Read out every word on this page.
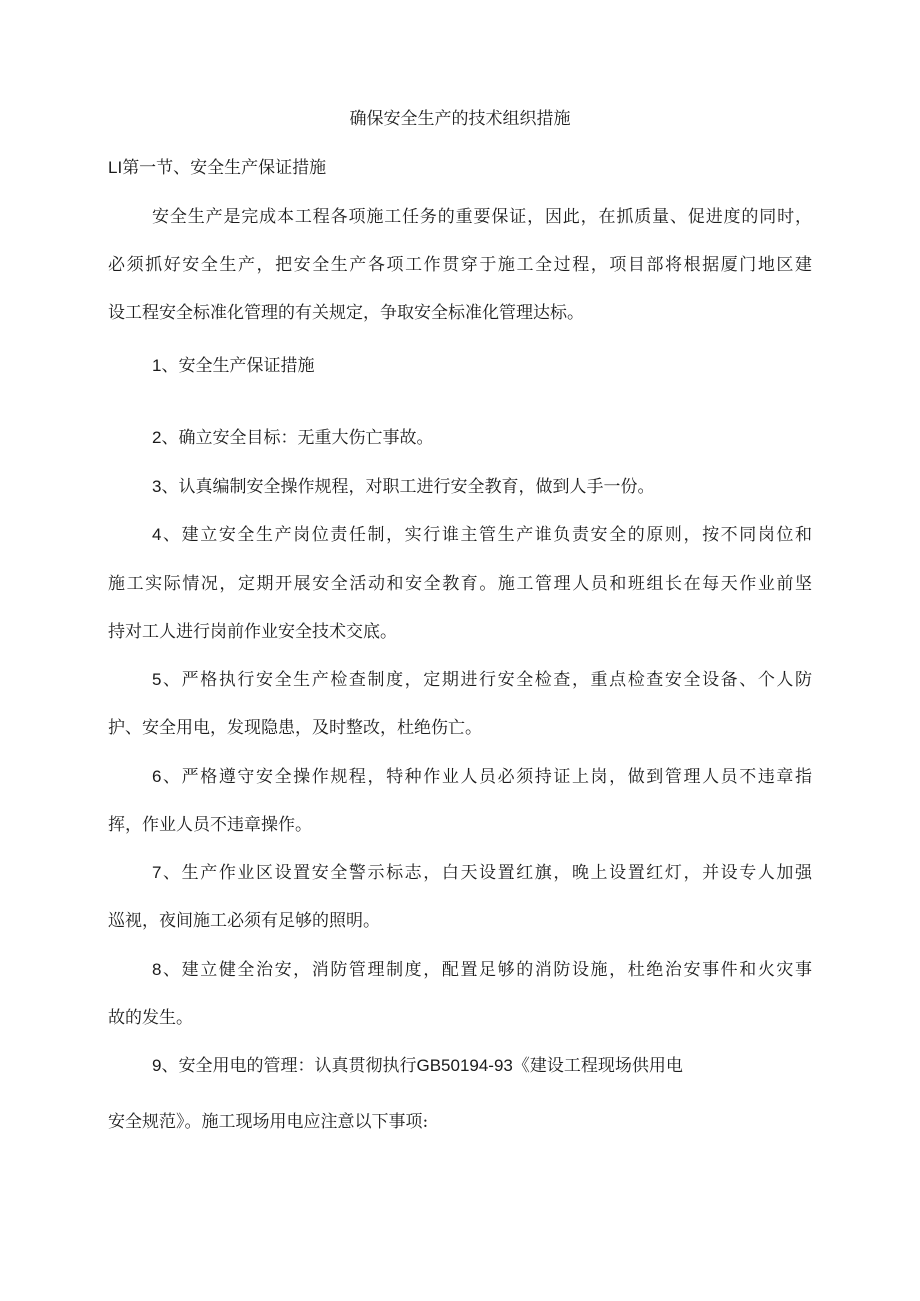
确保安全生产的技术组织措施
LI第一节、安全生产保证措施
安全生产是完成本工程各项施工任务的重要保证，因此，在抓质量、促进度的同时，
必须抓好安全生产，把安全生产各项工作贯穿于施工全过程，项目部将根据厦门地区建
设工程安全标准化管理的有关规定，争取安全标准化管理达标。
1、安全生产保证措施
2、确立安全目标：无重大伤亡事故。
3、认真编制安全操作规程，对职工进行安全教育，做到人手一份。
4、建立安全生产岗位责任制，实行谁主管生产谁负责安全的原则，按不同岗位和
施工实际情况，定期开展安全活动和安全教育。施工管理人员和班组长在每天作业前坚
持对工人进行岗前作业安全技术交底。
5、严格执行安全生产检查制度，定期进行安全检查，重点检查安全设备、个人防
护、安全用电，发现隐患，及时整改，杜绝伤亡。
6、严格遵守安全操作规程，特种作业人员必须持证上岗，做到管理人员不违章指
挥，作业人员不违章操作。
7、生产作业区设置安全警示标志，白天设置红旗，晚上设置红灯，并设专人加强
巡视，夜间施工必须有足够的照明。
8、建立健全治安，消防管理制度，配置足够的消防设施，杜绝治安事件和火灾事
故的发生。
9、安全用电的管理：认真贯彻执行GB50194-93《建设工程现场供用电
安全规范》。施工现场用电应注意以下事项:
